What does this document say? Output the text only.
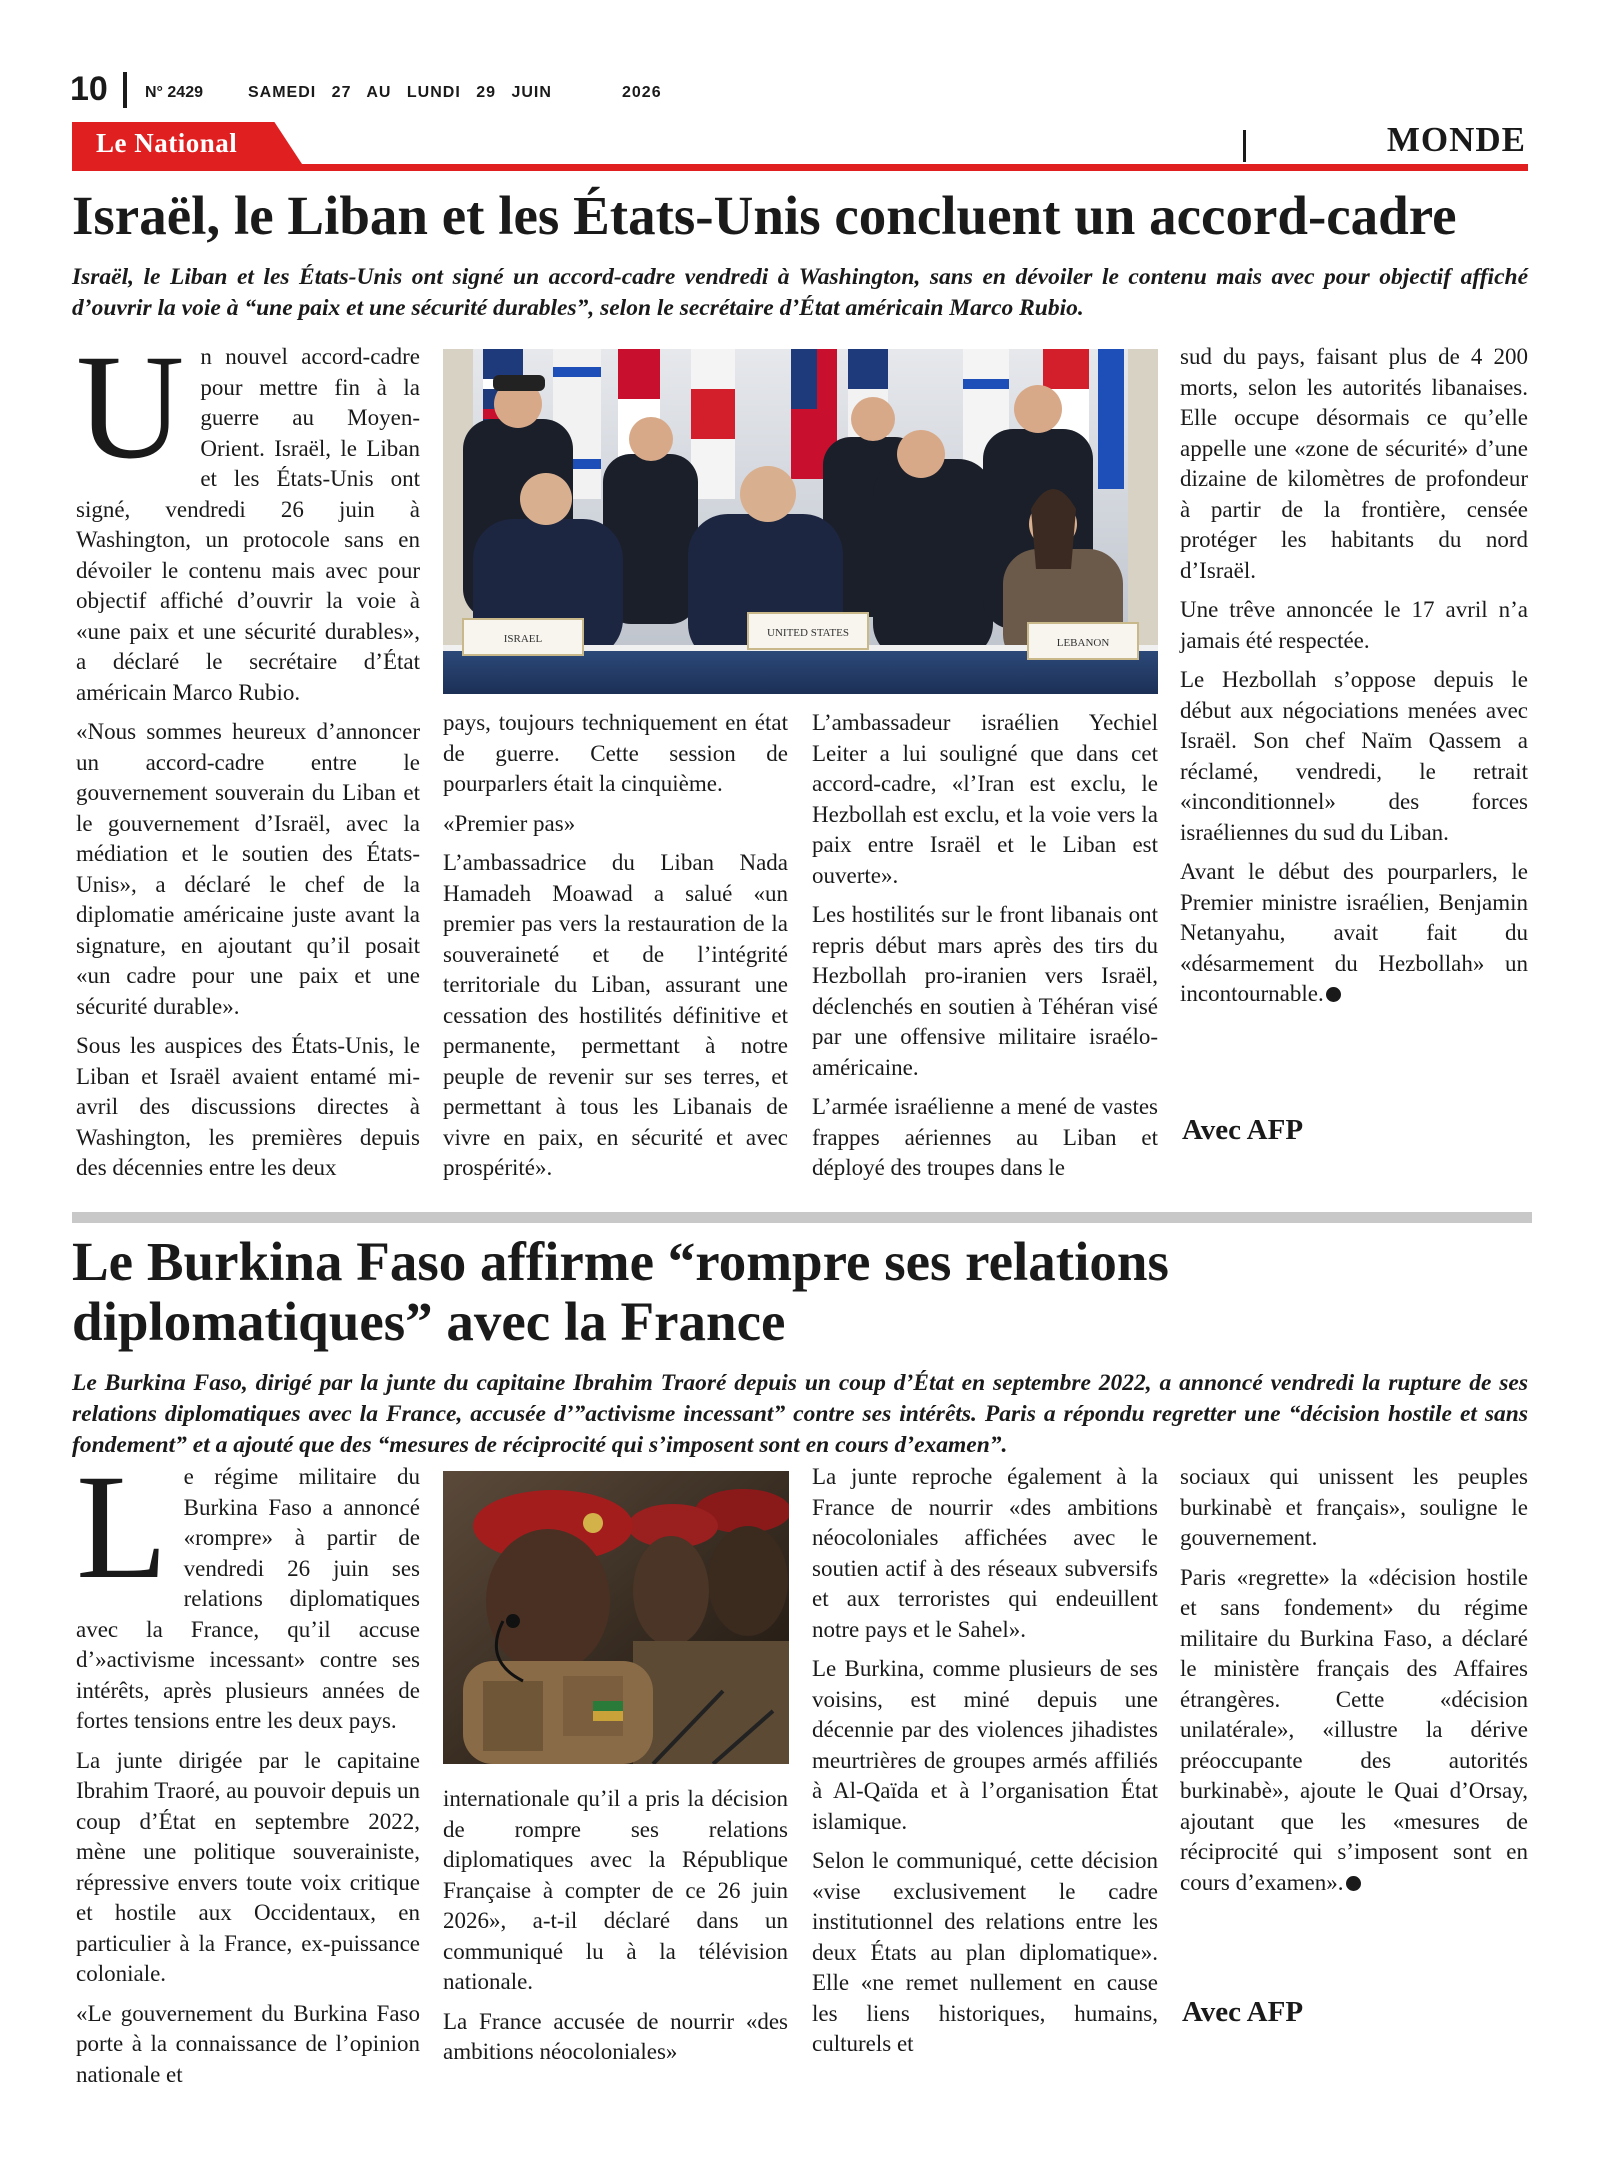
10 N° 2429	SAMEDI 27 AU LUNDI 29 JUIN	2026
Le National	MONDE
Israël, le Liban et les États-Unis concluent un accord-cadre
Israël, le Liban et les États-Unis ont signé un accord-cadre vendredi à Washington, sans en dévoiler le contenu mais avec pour objectif affiché d’ouvrir la voie à “une paix et une sécurité durables”, selon le secrétaire d’État américain Marco Rubio.

Un nouvel accord-cadre pour mettre fin à la guerre au Moyen-Orient. Israël, le Liban et les États-Unis ont signé, vendredi 26 juin à Washington, un protocole sans en dévoiler le contenu mais avec pour objectif affiché d’ouvrir la voie à «une paix et une sécurité durables», a déclaré le secrétaire d’État américain Marco Rubio.

«Nous sommes heureux d’annoncer un accord-cadre entre le gouvernement souverain du Liban et le gouvernement d’Israël, avec la médiation et le soutien des États-Unis», a déclaré le chef de la diplomatie américaine juste avant la signature, en ajoutant qu’il posait «un cadre pour une paix et une sécurité durable».

Sous les auspices des États-Unis, le Liban et Israël avaient entamé mi-avril des discussions directes à Washington, les premières depuis des décennies entre les deux

ISRAEL	UNITED STATES
LEBANON

pays, toujours techniquement en état de guerre. Cette session de pourparlers était la cinquième.

«Premier pas»

L’ambassadrice du Liban Nada Hamadeh Moawad a salué «un premier pas vers la restauration de la souveraineté et de l’intégrité territoriale du Liban, assurant une cessation des hostilités définitive et permanente, permettant à notre peuple de revenir sur ses terres, et permettant à tous les Libanais de vivre en paix, en sécurité et avec prospérité».

L’ambassadeur israélien Yechiel Leiter a lui souligné que dans cet accord-cadre, «l’Iran est exclu, le Hezbollah est exclu, et la voie vers la paix entre Israël et le Liban est ouverte».

Les hostilités sur le front libanais ont repris début mars après des tirs du Hezbollah pro-iranien vers Israël, déclenchés en soutien à Téhéran visé par une offensive militaire israélo-américaine.

L’armée israélienne a mené de vastes frappes aériennes au Liban et déployé des troupes dans le

sud du pays, faisant plus de 4 200 morts, selon les autorités libanaises. Elle occupe désormais ce qu’elle appelle une «zone de sécurité» d’une dizaine de kilomètres de profondeur à partir de la frontière, censée protéger les habitants du nord d’Israël.

Une trêve annoncée le 17 avril n’a jamais été respectée.

Le Hezbollah s’oppose depuis le début aux négociations menées avec Israël. Son chef Naïm Qassem a réclamé, vendredi, le retrait «inconditionnel» des forces israéliennes du sud du Liban.

Avant le début des pourparlers, le Premier ministre israélien, Benjamin Netanyahu, avait fait du «désarmement du Hezbollah» un incontournable.

Avec AFP
Le Burkina Faso affirme “rompre ses relations
diplomatiques” avec la France
Le Burkina Faso, dirigé par la junte du capitaine Ibrahim Traoré depuis un coup d’État en septembre 2022, a annoncé vendredi la rupture de ses relations diplomatiques avec la France, accusée d’”activisme incessant” contre ses intérêts. Paris a répondu regretter une “décision hostile et sans fondement” et a ajouté que des “mesures de réciprocité qui s’imposent sont en cours d’examen”.

Le régime militaire du Burkina Faso a annoncé «rompre» à partir de vendredi 26 juin ses relations diplomatiques avec la France, qu’il accuse d’»activisme incessant» contre ses intérêts, après plusieurs années de fortes tensions entre les deux pays.

La junte dirigée par le capitaine Ibrahim Traoré, au pouvoir depuis un coup d’État en septembre 2022, mène une politique souverainiste, répressive envers toute voix critique et hostile aux Occidentaux, en particulier à la France, ex-puissance coloniale.

«Le gouvernement du Burkina Faso porte à la connaissance de l’opinion nationale et

internationale qu’il a pris la décision de rompre ses relations diplomatiques avec la République Française à compter de ce 26 juin 2026», a-t-il déclaré dans un communiqué lu à la télévision nationale.

La France accusée de nourrir «des ambitions néocoloniales»

La junte reproche également à la France de nourrir «des ambitions néocoloniales affichées avec le soutien actif à des réseaux subversifs et aux terroristes qui endeuillent notre pays et le Sahel».

Le Burkina, comme plusieurs de ses voisins, est miné depuis une décennie par des violences jihadistes meurtrières de groupes armés affiliés à Al-Qaïda et à l’organisation État islamique.

Selon le communiqué, cette décision «vise exclusivement le cadre institutionnel des relations entre les deux États au plan diplomatique». Elle «ne remet nullement en cause les liens historiques, humains, culturels et

sociaux qui unissent les peuples burkinabè et français», souligne le gouvernement.

Paris «regrette» la «décision hostile et sans fondement» du régime militaire du Burkina Faso, a déclaré le ministère français des Affaires étrangères. Cette «décision unilatérale», «illustre la dérive préoccupante des autorités burkinabè», ajoute le Quai d’Orsay, ajoutant que les «mesures de réciprocité qui s’imposent sont en cours d’examen».

Avec AFP
